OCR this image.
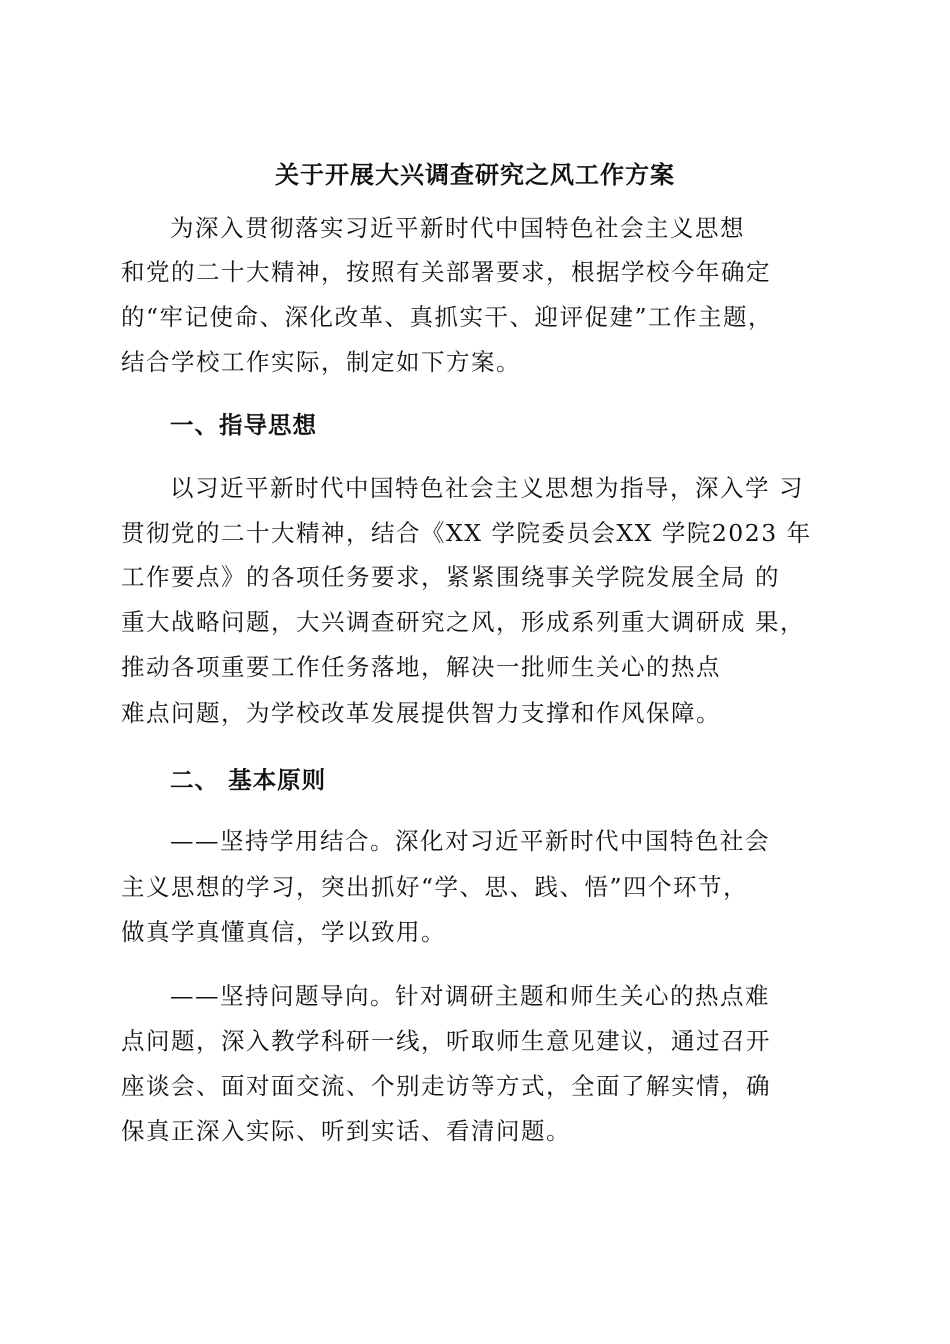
关于开展大兴调查研究之风工作方案
为深入贯彻落实习近平新时代中国特色社会主义思想
和党的二十大精神，按照有关部署要求，根据学校今年确定
的“牢记使命、深化改革、真抓实干、迎评促建”工作主题，
结合学校工作实际，制定如下方案。
一、指导思想
以习近平新时代中国特色社会主义思想为指导，深入学 习
贯彻党的二十大精神，结合《XX 学院委员会XX 学院2023 年
工作要点》的各项任务要求，紧紧围绕事关学院发展全局 的
重大战略问题，大兴调查研究之风，形成系列重大调研成 果，
推动各项重要工作任务落地，解决一批师生关心的热点
难点问题，为学校改革发展提供智力支撑和作风保障。
二、 基本原则
——坚持学用结合。深化对习近平新时代中国特色社会
主义思想的学习，突出抓好“学、思、践、悟”四个环节，
做真学真懂真信，学以致用。
——坚持问题导向。针对调研主题和师生关心的热点难
点问题，深入教学科研一线，听取师生意见建议，通过召开
座谈会、面对面交流、个别走访等方式，全面了解实情，确
保真正深入实际、听到实话、看清问题。
